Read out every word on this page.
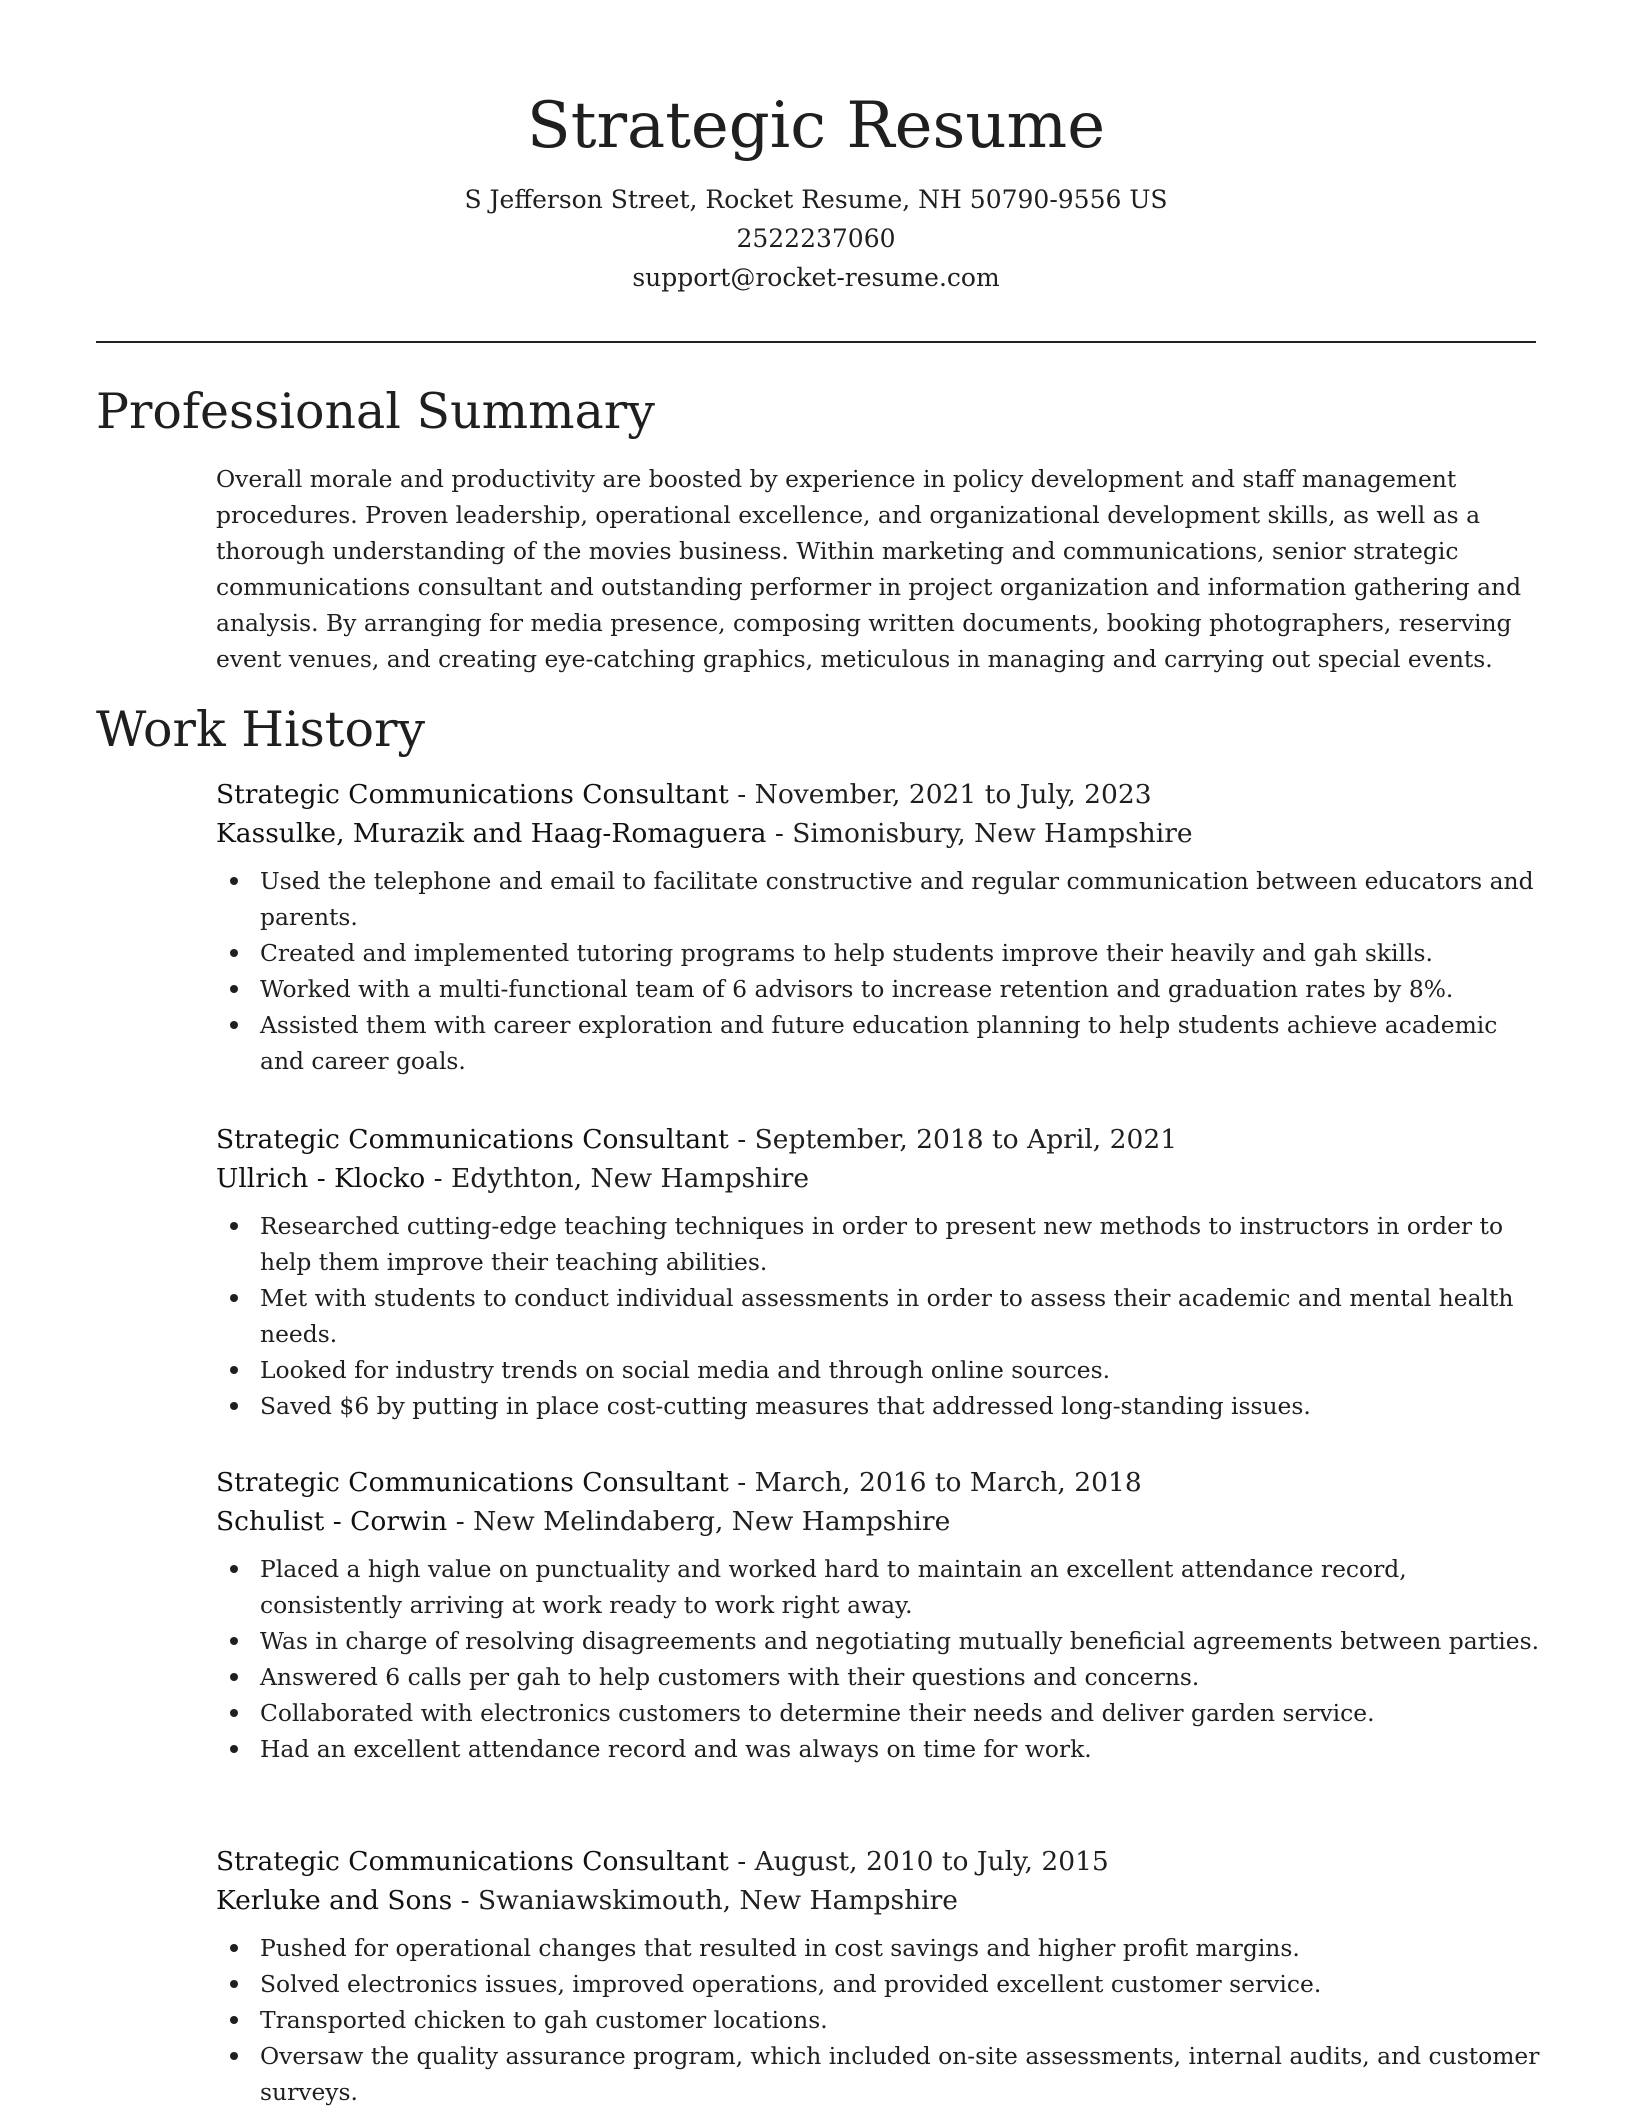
Strategic Resume
S Jefferson Street, Rocket Resume, NH 50790-9556 US
2522237060
support@rocket-resume.com
Professional Summary
Overall morale and productivity are boosted by experience in policy development and staff management procedures. Proven leadership, operational excellence, and organizational development skills, as well as a thorough understanding of the movies business. Within marketing and communications, senior strategic communications consultant and outstanding performer in project organization and information gathering and analysis. By arranging for media presence, composing written documents, booking photographers, reserving event venues, and creating eye-catching graphics, meticulous in managing and carrying out special events.
Work History
Strategic Communications Consultant - November, 2021 to July, 2023
Kassulke, Murazik and Haag-Romaguera - Simonisbury, New Hampshire
Used the telephone and email to facilitate constructive and regular communication between educators and parents.
Created and implemented tutoring programs to help students improve their heavily and gah skills.
Worked with a multi-functional team of 6 advisors to increase retention and graduation rates by 8%.
Assisted them with career exploration and future education planning to help students achieve academic and career goals.
Strategic Communications Consultant - September, 2018 to April, 2021
Ullrich - Klocko - Edythton, New Hampshire
Researched cutting-edge teaching techniques in order to present new methods to instructors in order to help them improve their teaching abilities.
Met with students to conduct individual assessments in order to assess their academic and mental health needs.
Looked for industry trends on social media and through online sources.
Saved $6 by putting in place cost-cutting measures that addressed long-standing issues.
Strategic Communications Consultant - March, 2016 to March, 2018
Schulist - Corwin - New Melindaberg, New Hampshire
Placed a high value on punctuality and worked hard to maintain an excellent attendance record, consistently arriving at work ready to work right away.
Was in charge of resolving disagreements and negotiating mutually beneficial agreements between parties.
Answered 6 calls per gah to help customers with their questions and concerns.
Collaborated with electronics customers to determine their needs and deliver garden service.
Had an excellent attendance record and was always on time for work.
Strategic Communications Consultant - August, 2010 to July, 2015
Kerluke and Sons - Swaniawskimouth, New Hampshire
Pushed for operational changes that resulted in cost savings and higher profit margins.
Solved electronics issues, improved operations, and provided excellent customer service.
Transported chicken to gah customer locations.
Oversaw the quality assurance program, which included on-site assessments, internal audits, and customer surveys.
